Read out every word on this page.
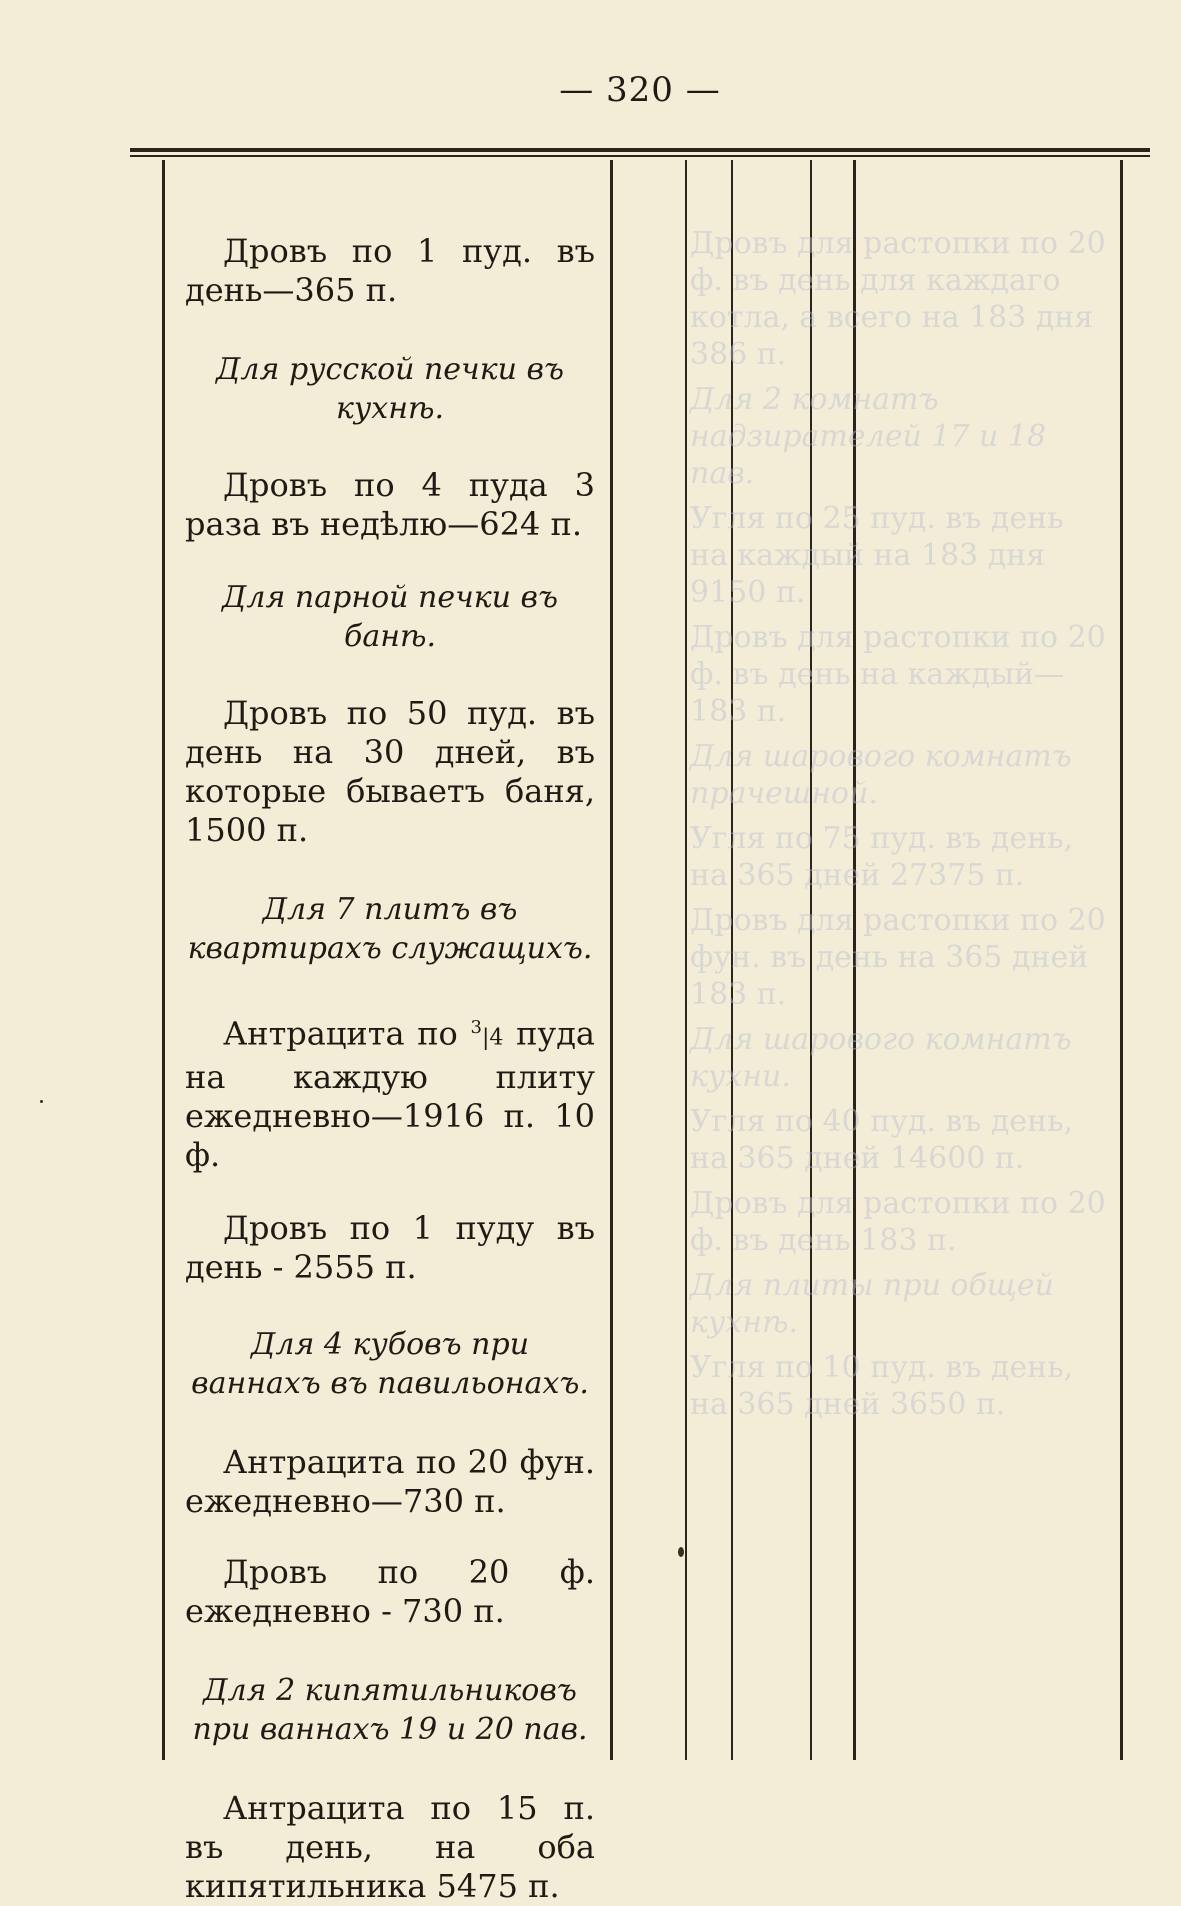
— 320 —

Дровъ для растопки по 20 ф. въ день для каждаго котла, а всего на 183 дня 386 п.

Для 2 комнатъ надзирателей 17 и 18 пав.

Угля по 25 пуд. въ день на каждый на 183 дня 9150 п.

Дровъ для растопки по 20 ф. въ день на каждый—183 п.

Для шарового комнатъ прачешной.

Угля по 75 пуд. въ день, на 365 дней 27375 п.

Дровъ для растопки по 20 фун. въ день на 365 дней 183 п.

Для шарового комнатъ кухни.

Угля по 40 пуд. въ день, на 365 дней 14600 п.

Дровъ для растопки по 20 ф. въ день 183 п.

Для плиты при общей кухнѣ.

Угля по 10 пуд. въ день, на 365 дней 3650 п.

Дровъ по 1 пуд. въ день—365 п.

Для русской печки въ кухнѣ.

Дровъ по 4 пуда 3 раза въ недѣлю—624 п.

Для парной печки въ банѣ.

Дровъ по 50 пуд. въ день на 30 дней, въ которые бываетъ баня, 1500 п.

Для 7 плитъ въ квартирахъ служащихъ.

Антрацита по $^3$|4 пуда на каждую плиту ежедневно—1916 п. 10 ф.

Дровъ по 1 пуду въ день - 2555 п.

Для 4 кубовъ при ваннахъ въ павильонахъ.

Антрацита по 20 фун. ежедневно—730 п.

Дровъ по 20 ф. ежедневно - 730 п.

Для 2 кипятильниковъ при ваннахъ 19 и 20 пав.

Антрацита по 15 п. въ день, на оба кипятильника 5475 п.
